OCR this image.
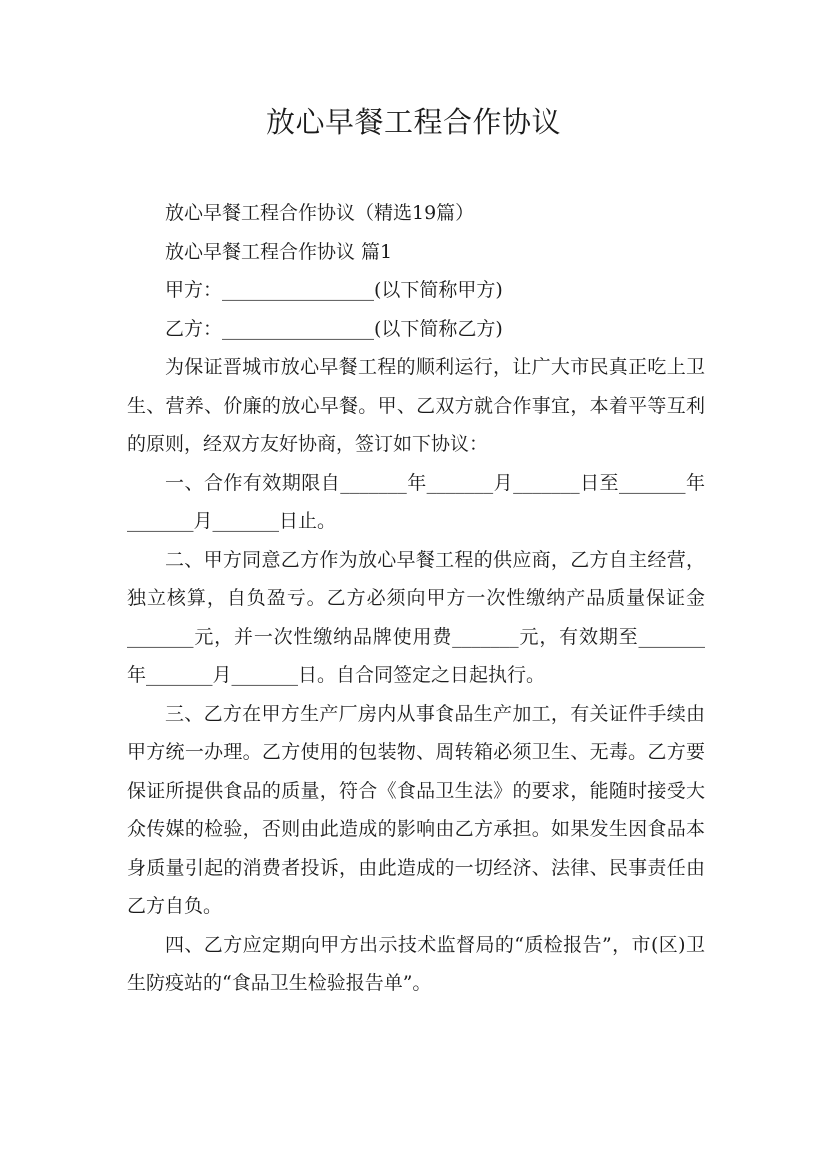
放心早餐工程合作协议

放心早餐工程合作协议（精选19篇）

放心早餐工程合作协议 篇1

甲方：________________(以下简称甲方)

乙方：________________(以下简称乙方)

为保证晋城市放心早餐工程的顺利运行，让广大市民真正吃上卫生、营养、价廉的放心早餐。甲、乙双方就合作事宜，本着平等互利的原则，经双方友好协商，签订如下协议：

一、合作有效期限自_______年_______月_______日至_______年_______月_______日止。

二、甲方同意乙方作为放心早餐工程的供应商，乙方自主经营，独立核算，自负盈亏。乙方必须向甲方一次性缴纳产品质量保证金_______元，并一次性缴纳品牌使用费_______元，有效期至_______年_______月_______日。自合同签定之日起执行。

三、乙方在甲方生产厂房内从事食品生产加工，有关证件手续由甲方统一办理。乙方使用的包装物、周转箱必须卫生、无毒。乙方要保证所提供食品的质量，符合《食品卫生法》的要求，能随时接受大众传媒的检验，否则由此造成的影响由乙方承担。如果发生因食品本身质量引起的消费者投诉，由此造成的一切经济、法律、民事责任由乙方自负。

四、乙方应定期向甲方出示技术监督局的“质检报告”，市(区)卫生防疫站的“食品卫生检验报告单”。
